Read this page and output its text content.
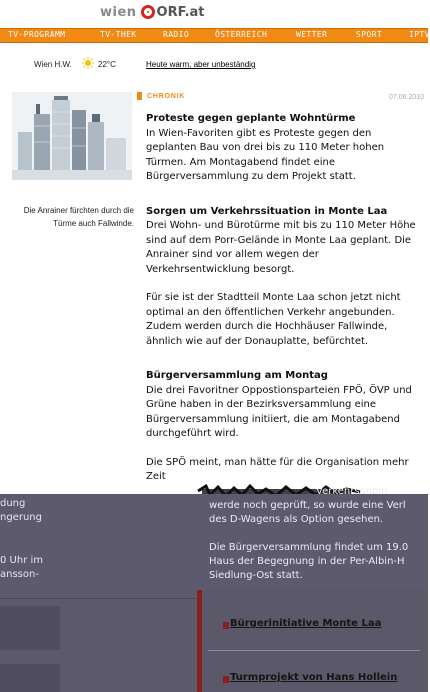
wien ORF.at
TV-PROGRAMM	TV-THEK	RADIO	ÖSTERREICH	WETTER	SPORT	IPTV
Wien H.W.	22°C	Heute warm, aber unbeständig
Die Anrainer fürchten durch die Türme auch Fallwinde.
CHRONIK	07.06.2010
Proteste gegen geplante Wohntürme

In Wien-Favoriten gibt es Proteste gegen den geplanten Bau von drei bis zu 110 Meter hohen Türmen. Am Montagabend findet eine Bürgerversammlung zu dem Projekt statt.

Sorgen um Verkehrssituation in Monte Laa

Drei Wohn- und Bürotürme mit bis zu 110 Meter Höhe sind auf dem Porr-Gelände in Monte Laa geplant. Die Anrainer sind vor allem wegen der Verkehrsentwicklung besorgt.

Für sie ist der Stadtteil Monte Laa schon jetzt nicht optimal an den öffentlichen Verkehr angebunden. Zudem werden durch die Hochhäuser Fallwinde, ähnlich wie auf der Donauplatte, befürchtet.

Bürgerversammlung am Montag

Die drei Favoritner Oppostionsparteien FPÖ, ÖVP und Grüne haben in der Bezirksversammlung eine Bürgerversammlung initiiert, die am Montagabend durchgeführt wird.

Die SPÖ meint, man hätte für die Organisation mehr Zeit

dung
ngerung
0 Uhr im
ansson-
Verkehrsanbin
werde noch geprüft, so wurde eine Verl
des D-Wagens als Option gesehen.
Die Bürgerversammlung findet um 19.0
Haus der Begegnung in der Per-Albin-H
Siedlung-Ost statt.
Bürgerinitiative Monte Laa
Turmprojekt von Hans Hollein
